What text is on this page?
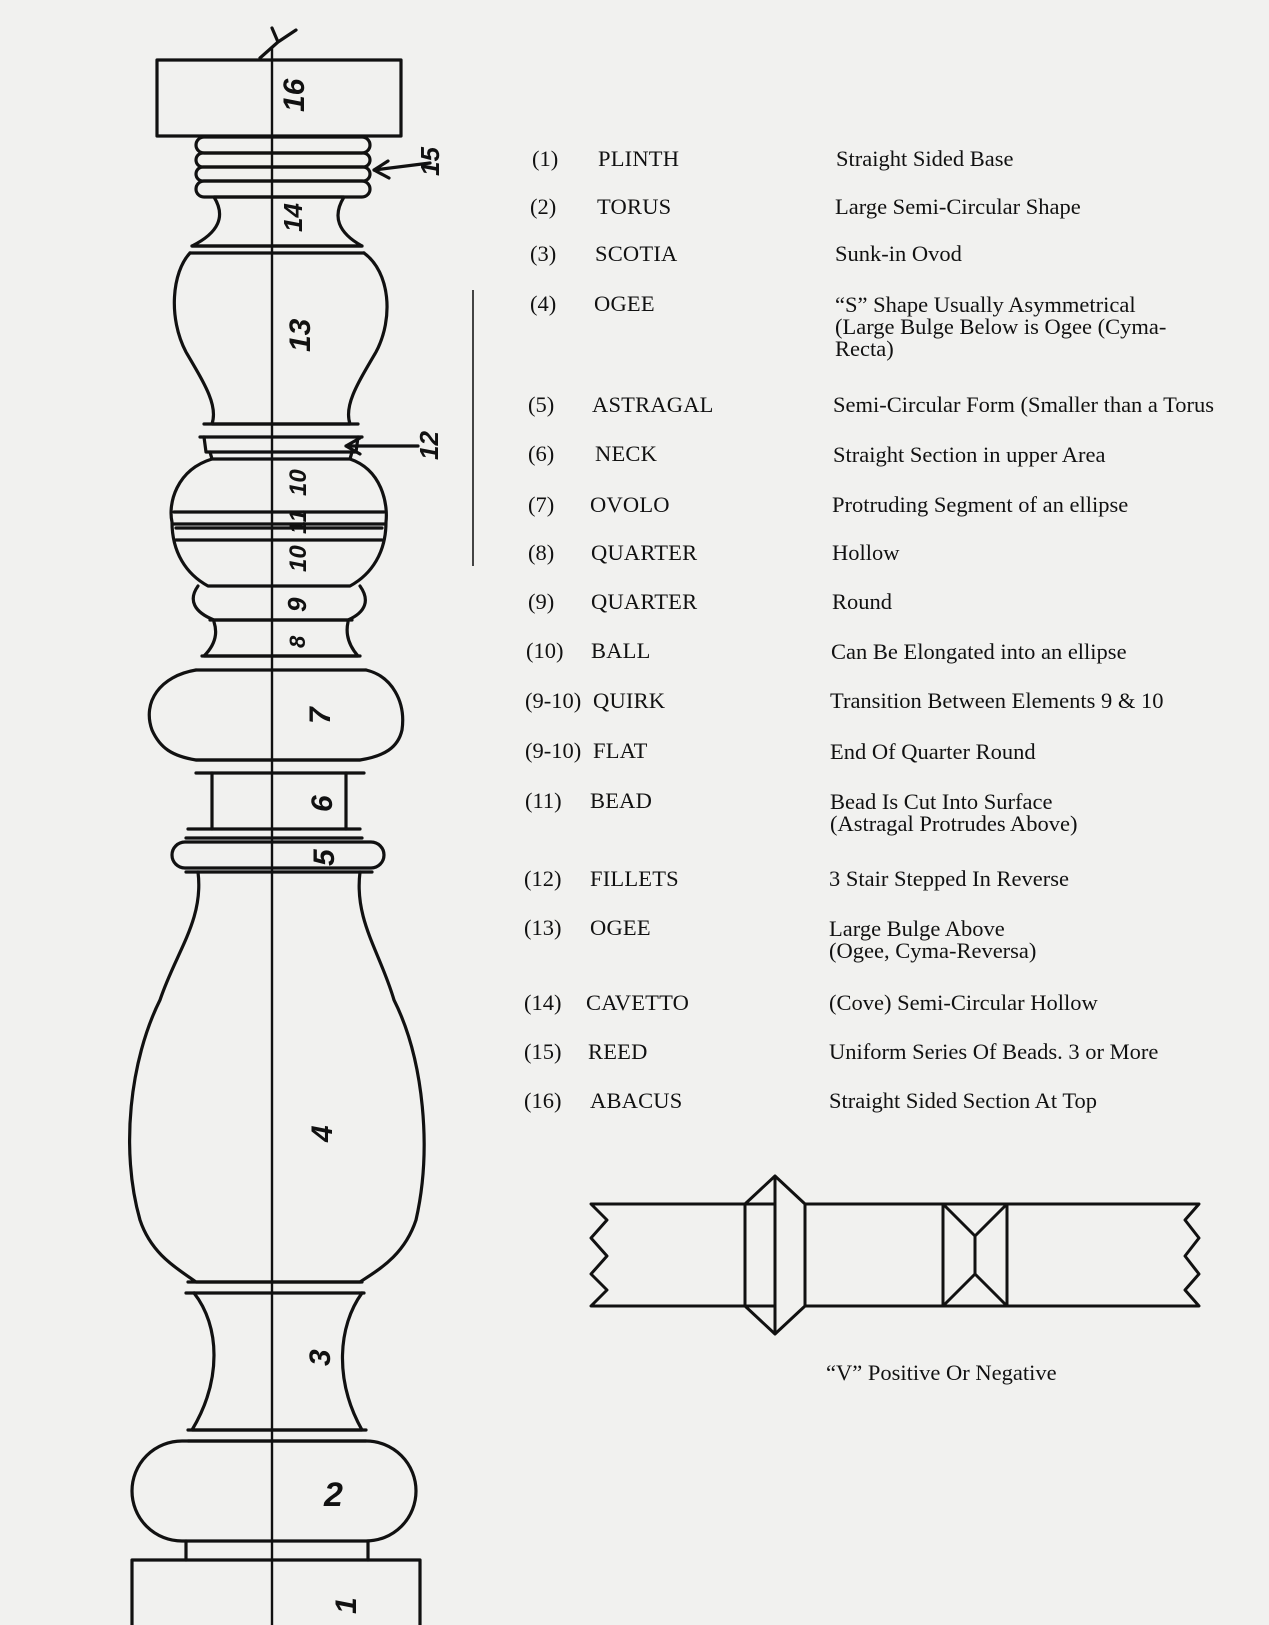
16
15
14
13
12
10
11
10
9
8
7
6
5
4
3
2
1
(1) PLINTH	Straight Sided Base
(2) TORUS	Large Semi-Circular Shape
(3) SCOTIA	Sunk-in Ovod
(4) OGEE	“S” Shape Usually Asymmetrical
(Large Bulge Below is Ogee (Cyma-
Recta)
(5) ASTRAGAL	Semi-Circular Form (Smaller than a Torus
(6) NECK	Straight Section in upper Area
(7) OVOLO	Protruding Segment of an ellipse
(8) QUARTER	Hollow
(9) QUARTER	Round
(10) BALL	Can Be Elongated into an ellipse
(9-10) QUIRK	Transition Between Elements 9 & 10
(9-10) FLAT	End Of Quarter Round
(11) BEAD	Bead Is Cut Into Surface
(Astragal Protrudes Above)
(12) FILLETS	3 Stair Stepped In Reverse
(13) OGEE	Large Bulge Above
(Ogee, Cyma-Reversa)
(14) CAVETTO	(Cove) Semi-Circular Hollow
(15) REED	Uniform Series Of Beads. 3 or More
(16) ABACUS	Straight Sided Section At Top
“V” Positive Or Negative
